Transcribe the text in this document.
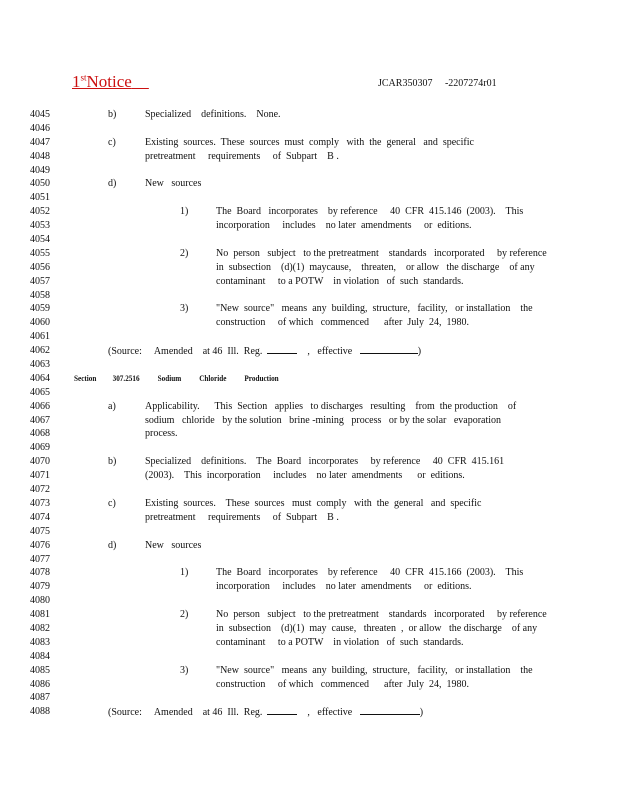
1stNotice	JCAR350307 -2207274r01
4045	b)	Specialized    definitions.    None.
4046
4047	c)	Existing  sources.  These  sources  must  comply   with  the  general   and  specific
4048	pretreatment     requirements     of  Subpart    B .
4049
4050	d)	New   sources
4051
4052	1)	The  Board   incorporates    by reference     40  CFR  415.146  (2003).    This
4053	incorporation     includes    no later  amendments     or  editions.
4054
4055	2)	No  person   subject   to the pretreatment    standards   incorporated     by reference
4056	in  subsection    (d)(1)  maycause,    threaten,    or allow   the discharge    of any
4057	contaminant     to a POTW    in violation   of  such  standards.
4058
4059	3)	"New  source"   means  any  building,  structure,   facility,   or installation    the
4060	construction     of which   commenced      after  July  24,  1980.
4061
4062	(Source:     Amended    at 46  Ill.  Reg.	,   effective	)
4063
4064	Section         307.2516          Sodium          Chloride          Production
4065
4066	a)	Applicability.      This  Section   applies   to discharges   resulting    from  the production    of
4067	sodium   chloride   by the solution   brine -mining   process   or by the solar   evaporation
4068	process.
4069
4070	b)	Specialized    definitions.    The  Board   incorporates     by reference     40  CFR  415.161
4071	(2003).    This  incorporation     includes    no later  amendments      or  editions.
4072
4073	c)	Existing  sources.    These  sources   must  comply   with  the  general   and  specific
4074	pretreatment     requirements     of  Subpart    B .
4075
4076	d)	New   sources
4077
4078	1)	The  Board   incorporates    by reference     40  CFR  415.166  (2003).    This
4079	incorporation     includes    no later  amendments     or  editions.
4080
4081	2)	No  person   subject   to the pretreatment    standards   incorporated     by reference
4082	in  subsection    (d)(1)  may  cause,   threaten  ,  or allow   the discharge    of any
4083	contaminant     to a POTW    in violation   of  such  standards.
4084
4085	3)	"New  source"   means  any  building,  structure,   facility,   or installation    the
4086	construction     of which   commenced      after  July  24,  1980.
4087
4088	(Source:     Amended    at 46  Ill.  Reg.	,   effective	)
